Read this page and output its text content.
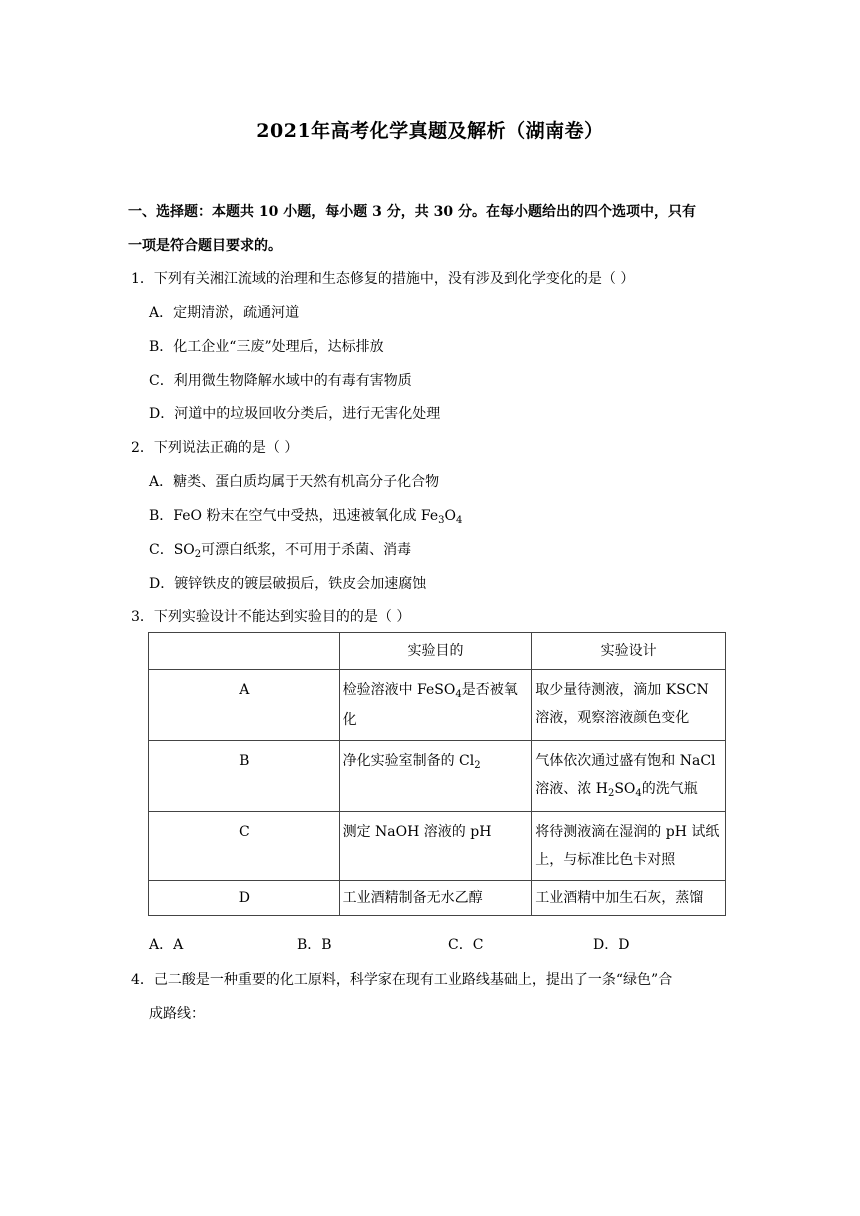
2021年高考化学真题及解析（湖南卷）
一、选择题：本题共 10 小题，每小题 3 分，共 30 分。在每小题给出的四个选项中，只有
一项是符合题目要求的。
1．下列有关湘江流域的治理和生态修复的措施中，没有涉及到化学变化的是（ ）
A．定期清淤，疏通河道
B．化工企业“三废”处理后，达标排放
C．利用微生物降解水域中的有毒有害物质
D．河道中的垃圾回收分类后，进行无害化处理
2．下列说法正确的是（ ）
A．糖类、蛋白质均属于天然有机高分子化合物
B．FeO 粉末在空气中受热，迅速被氧化成 $Fe_3O_4$
C．$SO_2$可漂白纸浆，不可用于杀菌、消毒
D．镀锌铁皮的镀层破损后，铁皮会加速腐蚀
3．下列实验设计不能达到实验目的的是（ ）
	实验目的	实验设计
A	检验溶液中 FeSO$_4$是否被氧化	取少量待测液，滴加 KSCN 溶液，观察溶液颜色变化
B	净化实验室制备的 $Cl_2$	气体依次通过盛有饱和 NaCl 溶液、浓 $H_2SO_4$的洗气瓶
C	测定 NaOH 溶液的 pH	将待测液滴在湿润的 pH 试纸上，与标准比色卡对照
D	工业酒精制备无水乙醇	工业酒精中加生石灰，蒸馏
A．A	B．B	C．C	D．D
4．己二酸是一种重要的化工原料，科学家在现有工业路线基础上，提出了一条“绿色”合
成路线：
